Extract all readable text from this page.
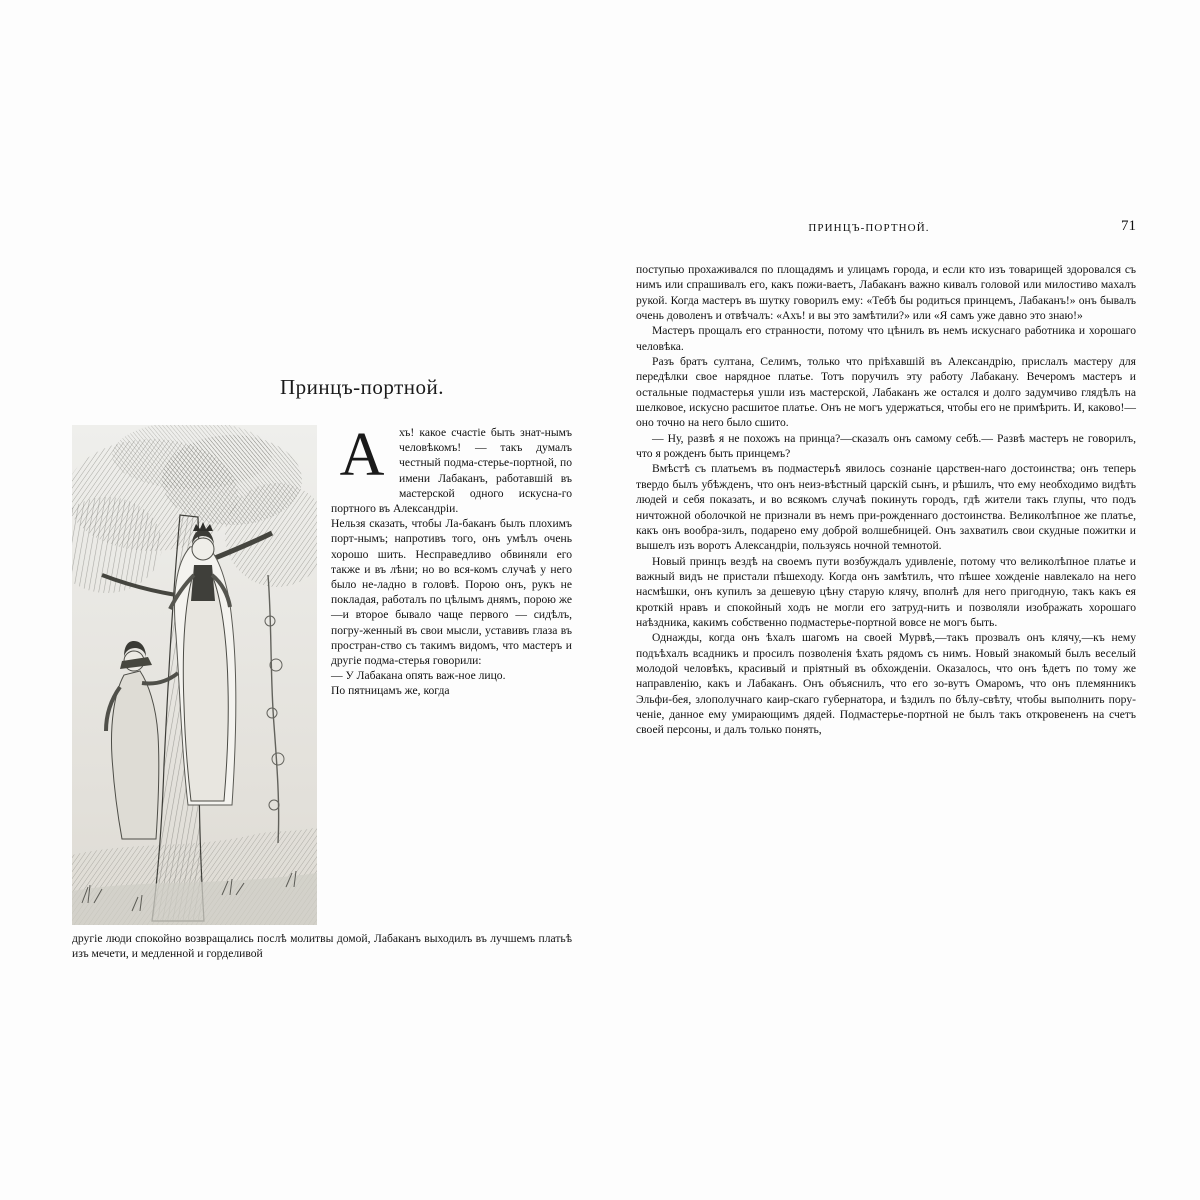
Принцъ-портной.
А	хъ! какое счастіе быть знат-нымъ человѣкомъ! — такъ думалъ честный подма-стерье-портной, по имени Лабаканъ, работавшій въ мастерской одного искусна-го портного въ Александріи.

Нельзя сказать, чтобы Ла-баканъ былъ плохимъ порт-нымъ; напротивъ того, онъ умѣлъ очень хорошо шить. Несправедливо обвиняли его также и въ лѣни; но во вся-комъ случаѣ у него было не-ладно в головѣ. Порою онъ, рукъ не покладая, работалъ по цѣлымъ днямъ, порою же—и второе бывало чаще первого — сидѣлъ, погру-женный въ свои мысли, уставивъ глаза въ простран-ство съ такимъ видомъ, что мастеръ и другіе подма-стерья говорили:

— У Лабакана опять важ-ное лицо.

По пятницамъ же, когда

другіе люди спокойно возвращались послѣ молитвы домой, Лабаканъ выходилъ въ лучшемъ платьѣ изъ мечети, и медленной и горделивой

ПРИНЦЪ-ПОРТНОЙ.	71

поступью прохаживался по площадямъ и улицамъ города, и если кто изъ товарищей здоровался съ нимъ или спрашивалъ его, какъ пожи-ваетъ, Лабаканъ важно кивалъ головой или милостиво махалъ рукой. Когда мастеръ въ шутку говорилъ ему: «Тебѣ бы родиться принцемъ, Лабаканъ!» онъ бывалъ очень доволенъ и отвѣчалъ: «Ахъ! и вы это замѣтили?» или «Я самъ уже давно это знаю!»

Мастеръ прощалъ его странности, потому что цѣнилъ въ немъ искуснаго работника и хорошаго человѣка.

Разъ братъ султана, Селимъ, только что пріѣхавшій въ Александрію, прислалъ мастеру для передѣлки свое нарядное платье. Тотъ поручилъ эту работу Лабакану. Вечеромъ мастеръ и остальные подмастерья ушли изъ мастерской, Лабаканъ же остался и долго задумчиво глядѣлъ на шелковое, искусно расшитое платье. Онъ не могъ удержаться, чтобы его не примѣрить. И, каково!—оно точно на него было сшито.

— Ну, развѣ я не похожъ на принца?—сказалъ онъ самому себѣ.— Развѣ мастеръ не говорилъ, что я рожденъ быть принцемъ?

Вмѣстѣ съ платьемъ въ подмастерьѣ явилось сознаніе царствен-наго достоинства; онъ теперь твердо былъ убѣжденъ, что онъ неиз-вѣстный царскій сынъ, и рѣшилъ, что ему необходимо видѣть людей и себя показать, и во всякомъ случаѣ покинуть городъ, гдѣ жители такъ глупы, что подъ ничтожной оболочкой не признали въ немъ при-рожденнаго достоинства. Великолѣпное же платье, какъ онъ вообра-зилъ, подарено ему доброй волшебницей. Онъ захватилъ свои скудные пожитки и вышелъ изъ воротъ Александріи, пользуясь ночной темнотой.

Новый принцъ вездѣ на своемъ пути возбуждалъ удивленіе, потому что великолѣпное платье и важный видъ не пристали пѣшеходу. Когда онъ замѣтилъ, что пѣшее хожденіе навлекало на него насмѣшки, онъ купилъ за дешевую цѣну старую клячу, вполнѣ для него пригодную, такъ какъ ея кроткій нравъ и спокойный ходъ не могли его затруд-нить и позволяли изображать хорошаго наѣздника, какимъ собственно подмастерье-портной вовсе не могъ быть.

Однажды, когда онъ ѣхалъ шагомъ на своей Мурвѣ,—такъ прозвалъ онъ клячу,—къ нему подъѣхалъ всадникъ и просилъ позволенія ѣхать рядомъ съ нимъ. Новый знакомый былъ веселый молодой человѣкъ, красивый и пріятный въ обхожденіи. Оказалось, что онъ ѣдетъ по тому же направленію, какъ и Лабаканъ. Онъ объяснилъ, что его зо-вутъ Омаромъ, что онъ племянникъ Эльфи-бея, злополучнаго каир-скаго губернатора, и ѣздилъ по бѣлу-свѣту, чтобы выполнить пору-ченіе, данное ему умирающимъ дядей. Подмастерье-портной не былъ такъ откровененъ на счетъ своей персоны, и далъ только понять,
